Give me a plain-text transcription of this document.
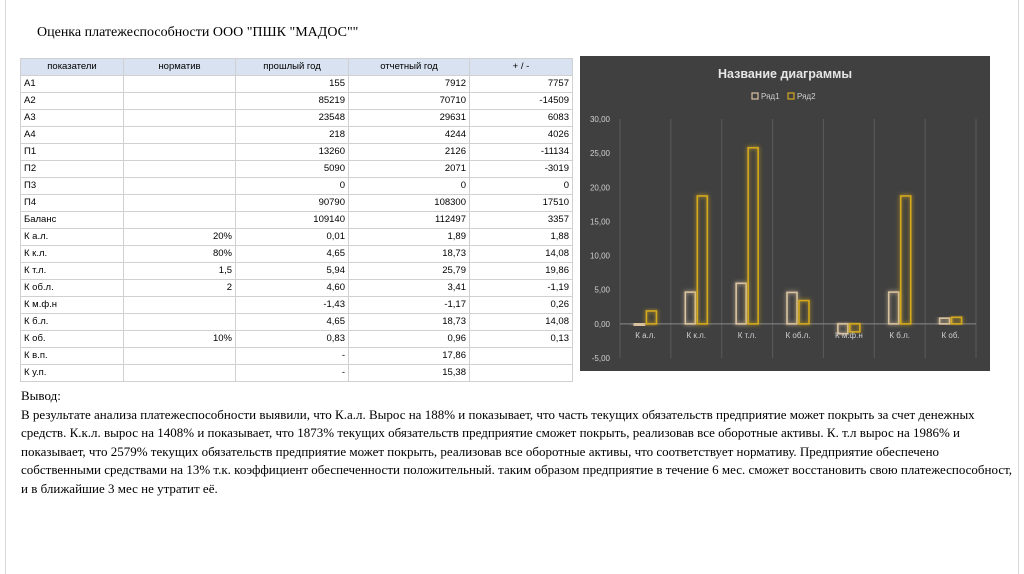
Оценка платежеспособности ООО "ПШК "МАДОС""
показатели	норматив	прошлый год	отчетный год	+ / -
А1		155	7912	7757
А2		85219	70710	-14509
А3		23548	29631	6083
А4		218	4244	4026
П1		13260	2126	-11134
П2		5090	2071	-3019
П3		0	0	0
П4		90790	108300	17510
Баланс		109140	112497	3357
К а.л.	20%	0,01	1,89	1,88
К к.л.	80%	4,65	18,73	14,08
К т.л.	1,5	5,94	25,79	19,86
К об.л.	2	4,60	3,41	-1,19
К м.ф.н		-1,43	-1,17	0,26
К б.л.		4,65	18,73	14,08
К об.	10%	0,83	0,96	0,13
К в.п.		-	17,86	
К у.п.		-	15,38	
Название диаграммы
Ряд1 Ряд2
-5,00
0,00
5,00
10,00
15,00
20,00
25,00
30,00
К а.л.	К к.л.	К т.л.	К об.л.	К м.ф.н	К б.л.	К об.
Вывод:
В результате анализа платежеспособности выявили, что К.а.л. Вырос на 188% и показывает, что часть текущих обязательств предприятие может покрыть за счет денежных средств. К.к.л. вырос на 1408% и показывает, что 1873% текущих обязательств предприятие сможет покрыть, реализовав все оборотные активы. К. т.л вырос на 1986% и показывает, что 2579% текущих обязательств предприятие может покрыть, реализовав все оборотные активы, что соответствует нормативу. Предприятие обеспечено собственными средствами на 13% т.к. коэффициент обеспеченности положительный. таким образом предприятие в течение 6 мес. сможет восстановить свою платежеспособност, и в ближайшие 3 мес не утратит её.
